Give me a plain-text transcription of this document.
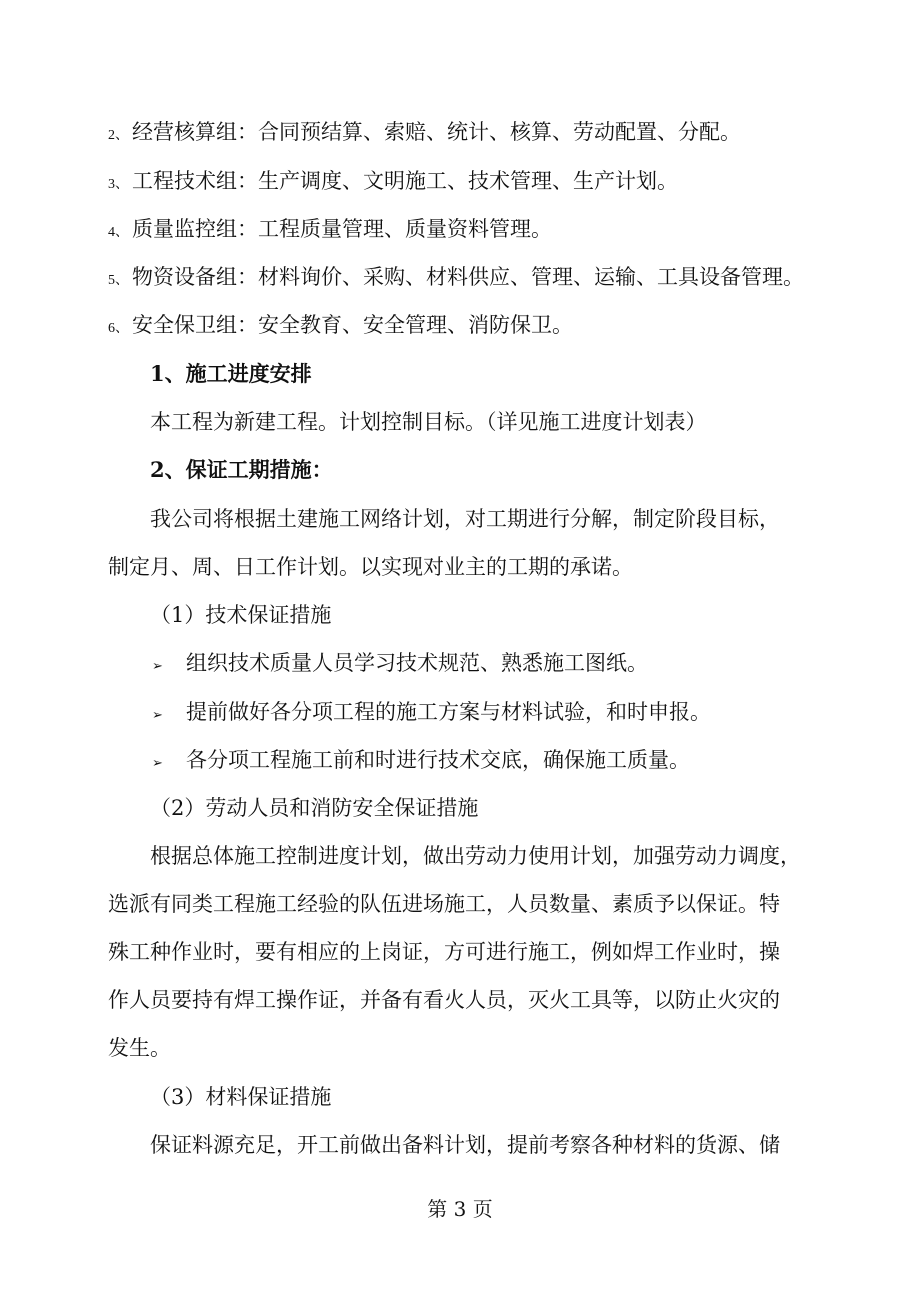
2、 经营核算组：合同预结算、索赔、统计、核算、劳动配置、分配。
3、 工程技术组：生产调度、文明施工、技术管理、生产计划。
4、 质量监控组：工程质量管理、质量资料管理。
5、 物资设备组：材料询价、采购、材料供应、管理、运输、工具设备管理。
6、 安全保卫组：安全教育、安全管理、消防保卫。
1、施工进度安排
本工程为新建工程。计划控制目标。（详见施工进度计划表）
2、保证工期措施：
我公司将根据土建施工网络计划，对工期进行分解，制定阶段目标，
制定月、周、日工作计划。以实现对业主的工期的承诺。
（1）技术保证措施
➢ 组织技术质量人员学习技术规范、熟悉施工图纸。
➢ 提前做好各分项工程的施工方案与材料试验，和时申报。
➢ 各分项工程施工前和时进行技术交底，确保施工质量。
（2）劳动人员和消防安全保证措施
根据总体施工控制进度计划，做出劳动力使用计划，加强劳动力调度，
选派有同类工程施工经验的队伍进场施工，人员数量、素质予以保证。特
殊工种作业时，要有相应的上岗证，方可进行施工，例如焊工作业时，操
作人员要持有焊工操作证，并备有看火人员，灭火工具等，以防止火灾的
发生。
（3）材料保证措施
保证料源充足，开工前做出备料计划，提前考察各种材料的货源、储
第 3 页
